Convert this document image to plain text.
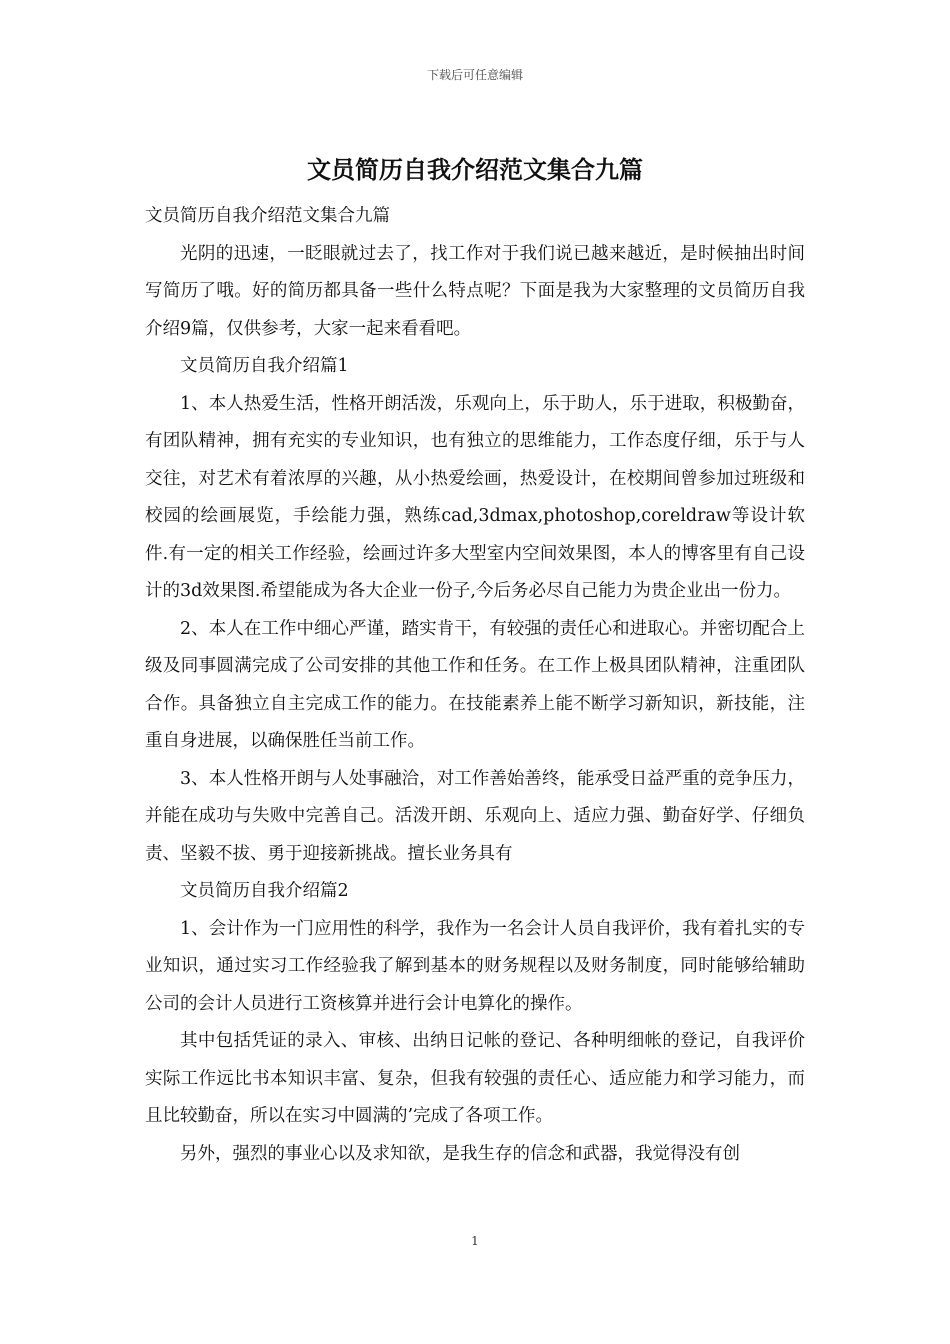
下载后可任意编辑
文员简历自我介绍范文集合九篇

文员简历自我介绍范文集合九篇

光阴的迅速，一眨眼就过去了，找工作对于我们说已越来越近，是时候抽出时间写简历了哦。好的简历都具备一些什么特点呢？下面是我为大家整理的文员简历自我介绍9篇，仅供参考，大家一起来看看吧。

文员简历自我介绍篇1

1、本人热爱生活，性格开朗活泼，乐观向上，乐于助人，乐于进取，积极勤奋，有团队精神，拥有充实的专业知识，也有独立的思维能力，工作态度仔细，乐于与人交往，对艺术有着浓厚的兴趣，从小热爱绘画，热爱设计，在校期间曾参加过班级和校园的绘画展览，手绘能力强，熟练cad,3dmax,photoshop,coreldraw等设计软件.有一定的相关工作经验，绘画过许多大型室内空间效果图，本人的博客里有自己设计的3d效果图.希望能成为各大企业一份子,今后务必尽自己能力为贵企业出一份力。

2、本人在工作中细心严谨，踏实肯干，有较强的责任心和进取心。并密切配合上级及同事圆满完成了公司安排的其他工作和任务。在工作上极具团队精神，注重团队合作。具备独立自主完成工作的能力。在技能素养上能不断学习新知识，新技能，注重自身进展，以确保胜任当前工作。

3、本人性格开朗与人处事融洽，对工作善始善终，能承受日益严重的竞争压力，并能在成功与失败中完善自己。活泼开朗、乐观向上、适应力强、勤奋好学、仔细负责、坚毅不拔、勇于迎接新挑战。擅长业务具有

文员简历自我介绍篇2

1、会计作为一门应用性的科学，我作为一名会计人员自我评价，我有着扎实的专业知识，通过实习工作经验我了解到基本的财务规程以及财务制度，同时能够给辅助公司的会计人员进行工资核算并进行会计电算化的操作。

其中包括凭证的录入、审核、出纳日记帐的登记、各种明细帐的登记，自我评价实际工作远比书本知识丰富、复杂，但我有较强的责任心、适应能力和学习能力，而且比较勤奋，所以在实习中圆满的’完成了各项工作。

另外，强烈的事业心以及求知欲，是我生存的信念和武器，我觉得没有创

1
